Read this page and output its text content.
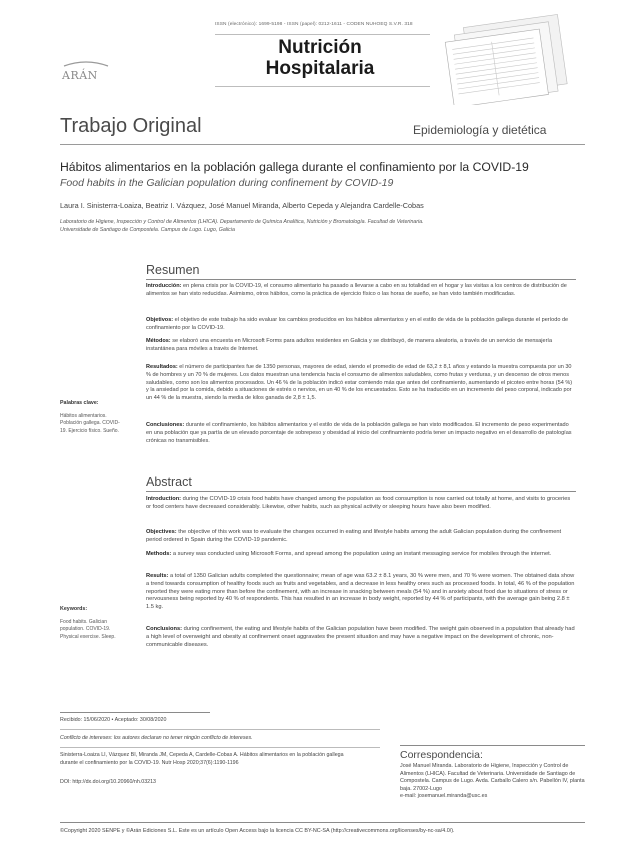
ISSN (electrónico): 1699-5198 - ISSN (papel): 0212-1611 - CODEN NUHOEQ S.V.R. 318
ARÁN
Nutrición
Hospitalaria
Trabajo Original	Epidemiología y dietética
Hábitos alimentarios en la población gallega durante el confinamiento por la COVID-19
Food habits in the Galician population during confinement by COVID-19
Laura I. Sinisterra-Loaiza, Beatriz I. Vázquez, José Manuel Miranda, Alberto Cepeda y Alejandra Cardelle-Cobas
Laboratorio de Higiene, Inspección y Control de Alimentos (LHICA). Departamento de Química Analítica, Nutrición y Bromatología. Facultad de Veterinaria.
Universidade de Santiago de Compostela. Campus de Lugo. Lugo, Galicia
Resumen
Introducción: en plena crisis por la COVID-19, el consumo alimentario ha pasado a llevarse a cabo en su totalidad en el hogar y las visitas a los centros de distribución de alimentos se han visto reducidas. Asimismo, otros hábitos, como la práctica de ejercicio físico o las horas de sueño, se han visto también modificadas.
Objetivos: el objetivo de este trabajo ha sido evaluar los cambios producidos en los hábitos alimentarios y en el estilo de vida de la población gallega durante el período de confinamiento por la COVID-19.
Métodos: se elaboró una encuesta en Microsoft Forms para adultos residentes en Galicia y se distribuyó, de manera aleatoria, a través de un servicio de mensajería instantánea para móviles a través de Internet.
Resultados: el número de participantes fue de 1350 personas, mayores de edad, siendo el promedio de edad de 63,2 ± 8,1 años y estando la muestra compuesta por un 30 % de hombres y un 70 % de mujeres. Los datos muestran una tendencia hacia el consumo de alimentos saludables, como frutas y verduras, y un descenso de otros menos saludables, como son los alimentos procesados. Un 46 % de la población indicó estar comiendo más que antes del confinamiento, aumentando el picoteo entre horas (54 %) y la ansiedad por la comida, debido a situaciones de estrés o nervios, en un 40 % de los encuestados. Esto se ha traducido en un incremento del peso corporal, indicado por un 44 % de la muestra, siendo la media de kilos ganada de 2,8 ± 1,5.
Conclusiones: durante el confinamiento, los hábitos alimentarios y el estilo de vida de la población gallega se han visto modificados. El incremento de peso experimentado en una población que ya partía de un elevado porcentaje de sobrepeso y obesidad al inicio del confinamiento podría tener un impacto negativo en el desarrollo de patologías crónicas no transmisibles.
Palabras clave:
Hábitos alimentarios. Población gallega. COVID-19. Ejercicio físico. Sueño.
Abstract
Introduction: during the COVID-19 crisis food habits have changed among the population as food consumption is now carried out totally at home, and visits to groceries or food centers have decreased considerably. Likewise, other habits, such as physical activity or sleeping hours have also been modified.
Objectives: the objective of this work was to evaluate the changes occurred in eating and lifestyle habits among the adult Galician population during the confinement period ordered in Spain during the COVID-19 pandemic.
Methods: a survey was conducted using Microsoft Forms, and spread among the population using an instant messaging service for mobiles through the internet.
Results: a total of 1350 Galician adults completed the questionnaire; mean of age was 63.2 ± 8.1 years, 30 % were men, and 70 % were women. The obtained data show a trend towards consumption of healthy foods such as fruits and vegetables, and a decrease in less healthy ones such as processed foods. In total, 46 % of the population reported they were eating more than before the confinement, with an increase in snacking between meals (54 %) and in anxiety about food due to situations of stress or nervousness being reported by 40 % of respondents. This has resulted in an increase in body weight, reported by 44 % of participants, with the average gain being 2.8 ± 1.5 kg.
Conclusions: during confinement, the eating and lifestyle habits of the Galician population have been modified. The weight gain observed in a population that already had a high level of overweight and obesity at confinement onset aggravates the present situation and may have a negative impact on the development of chronic, non-communicable diseases.
Keywords:
Food habits. Galician population. COVID-19. Physical exercise. Sleep.
Recibido: 15/06/2020 • Aceptado: 30/08/2020
Conflicto de intereses: los autores declaran no tener ningún conflicto de intereses.
Sinisterra-Loaiza LI, Vázquez BI, Miranda JM, Cepeda A, Cardelle-Cobas A. Hábitos alimentarios en la población gallega durante el confinamiento por la COVID-19. Nutr Hosp 2020;37(6):1190-1196
DOI: http://dx.doi.org/10.20960/nh.03213
Correspondencia:
José Manuel Miranda. Laboratorio de Higiene, Inspección y Control de Alimentos (LHICA). Facultad de Veterinaria. Universidade de Santiago de Compostela. Campus de Lugo. Avda. Carballo Calero s/n. Pabellón IV, planta baja. 27002-Lugo
e-mail: josemanuel.miranda@usc.es
©Copyright 2020 SENPE y ©Arán Ediciones S.L. Este es un artículo Open Access bajo la licencia CC BY-NC-SA (http://creativecommons.org/licenses/by-nc-sa/4.0/).
